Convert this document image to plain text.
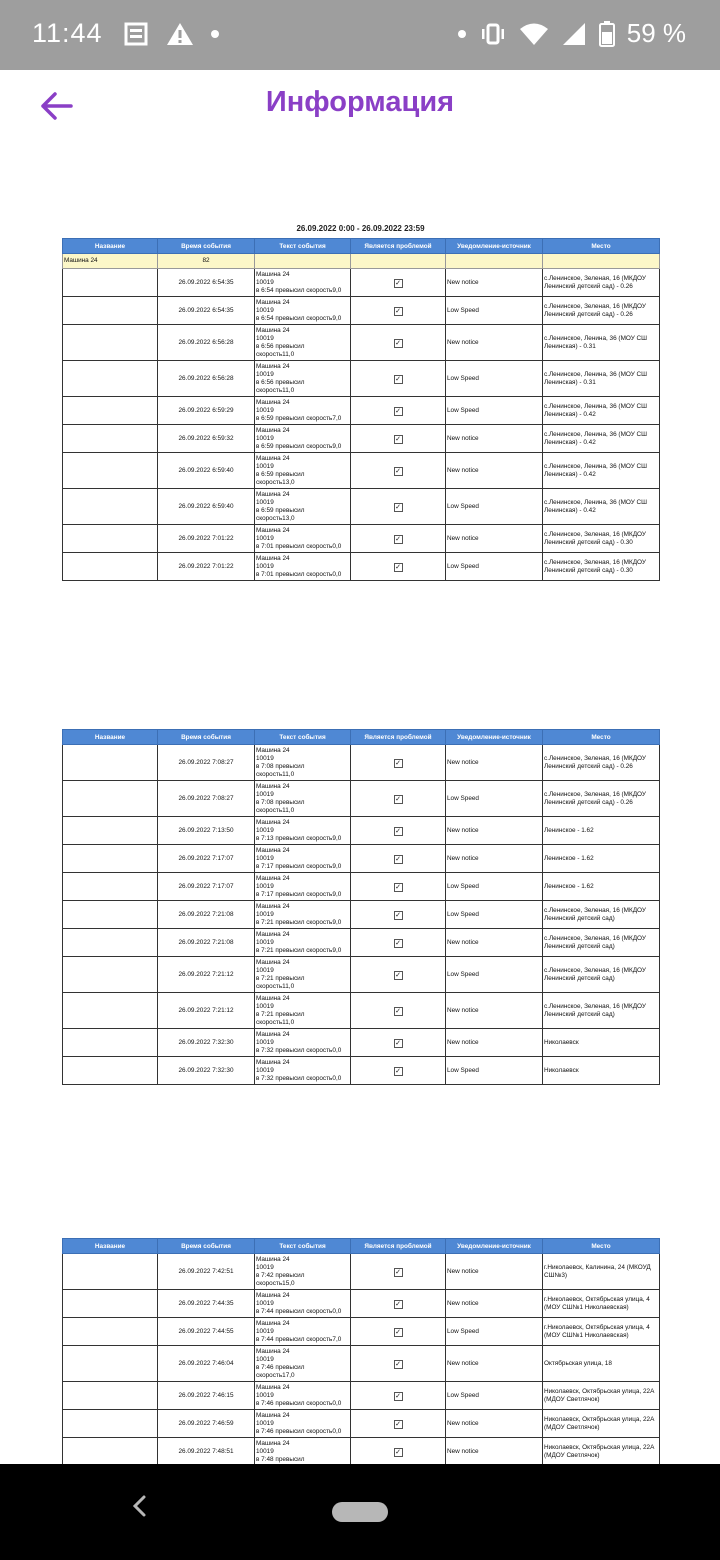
11:44	59 %
Информация
26.09.2022 0:00 - 26.09.2022 23:59
Название	Время события	Текст события	Является проблемой	Уведомление-источник	Место
Машина 24	82				
	26.09.2022 6:54:35	Машина 24
10019
в 6:54 превысил скорость9,0	✓	New notice	с.Ленинское, Зеленая, 16 (МКДОУ Ленинский детский сад) - 0.26
	26.09.2022 6:54:35	Машина 24
10019
в 6:54 превысил скорость9,0	✓	Low Speed	с.Ленинское, Зеленая, 16 (МКДОУ Ленинский детский сад) - 0.26
	26.09.2022 6:56:28	Машина 24
10019
в 6:56 превысил
скорость11,0	✓	New notice	с.Ленинское, Ленина, 36 (МОУ СШ Ленинская) - 0.31
	26.09.2022 6:56:28	Машина 24
10019
в 6:56 превысил
скорость11,0	✓	Low Speed	с.Ленинское, Ленина, 36 (МОУ СШ Ленинская) - 0.31
	26.09.2022 6:59:29	Машина 24
10019
в 6:59 превысил скорость7,0	✓	Low Speed	с.Ленинское, Ленина, 36 (МОУ СШ Ленинская) - 0.42
	26.09.2022 6:59:32	Машина 24
10019
в 6:59 превысил скорость9,0	✓	New notice	с.Ленинское, Ленина, 36 (МОУ СШ Ленинская) - 0.42
	26.09.2022 6:59:40	Машина 24
10019
в 6:59 превысил
скорость13,0	✓	New notice	с.Ленинское, Ленина, 36 (МОУ СШ Ленинская) - 0.42
	26.09.2022 6:59:40	Машина 24
10019
в 6:59 превысил
скорость13,0	✓	Low Speed	с.Ленинское, Ленина, 36 (МОУ СШ Ленинская) - 0.42
	26.09.2022 7:01:22	Машина 24
10019
в 7:01 превысил скорость0,0	✓	New notice	с.Ленинское, Зеленая, 16 (МКДОУ Ленинский детский сад) - 0.30
	26.09.2022 7:01:22	Машина 24
10019
в 7:01 превысил скорость0,0	✓	Low Speed	с.Ленинское, Зеленая, 16 (МКДОУ Ленинский детский сад) - 0.30
Название	Время события	Текст события	Является проблемой	Уведомление-источник	Место
	26.09.2022 7:08:27	Машина 24
10019
в 7:08 превысил
скорость11,0	✓	New notice	с.Ленинское, Зеленая, 16 (МКДОУ Ленинский детский сад) - 0.26
	26.09.2022 7:08:27	Машина 24
10019
в 7:08 превысил
скорость11,0	✓	Low Speed	с.Ленинское, Зеленая, 16 (МКДОУ Ленинский детский сад) - 0.26
	26.09.2022 7:13:50	Машина 24
10019
в 7:13 превысил скорость9,0	✓	New notice	Ленинское - 1.62
	26.09.2022 7:17:07	Машина 24
10019
в 7:17 превысил скорость9,0	✓	New notice	Ленинское - 1.62
	26.09.2022 7:17:07	Машина 24
10019
в 7:17 превысил скорость9,0	✓	Low Speed	Ленинское - 1.62
	26.09.2022 7:21:08	Машина 24
10019
в 7:21 превысил скорость9,0	✓	Low Speed	с.Ленинское, Зеленая, 16 (МКДОУ Ленинский детский сад)
	26.09.2022 7:21:08	Машина 24
10019
в 7:21 превысил скорость9,0	✓	New notice	с.Ленинское, Зеленая, 16 (МКДОУ Ленинский детский сад)
	26.09.2022 7:21:12	Машина 24
10019
в 7:21 превысил
скорость11,0	✓	Low Speed	с.Ленинское, Зеленая, 16 (МКДОУ Ленинский детский сад)
	26.09.2022 7:21:12	Машина 24
10019
в 7:21 превысил
скорость11,0	✓	New notice	с.Ленинское, Зеленая, 16 (МКДОУ Ленинский детский сад)
	26.09.2022 7:32:30	Машина 24
10019
в 7:32 превысил скорость0,0	✓	New notice	Николаевск
	26.09.2022 7:32:30	Машина 24
10019
в 7:32 превысил скорость0,0	✓	Low Speed	Николаевск
Название	Время события	Текст события	Является проблемой	Уведомление-источник	Место
	26.09.2022 7:42:51	Машина 24
10019
в 7:42 превысил
скорость15,0	✓	New notice	г.Николаевск, Калинина, 24 (МКОУД СШ№3)
	26.09.2022 7:44:35	Машина 24
10019
в 7:44 превысил скорость0,0	✓	New notice	г.Николаевск, Октябрьская улица, 4 (МОУ СШ№1 Николаевская)
	26.09.2022 7:44:55	Машина 24
10019
в 7:44 превысил скорость7,0	✓	Low Speed	г.Николаевск, Октябрьская улица, 4 (МОУ СШ№1 Николаевская)
	26.09.2022 7:46:04	Машина 24
10019
в 7:46 превысил
скорость17,0	✓	New notice	Октябрьская улица, 18
	26.09.2022 7:46:15	Машина 24
10019
в 7:46 превысил скорость0,0	✓	Low Speed	Николаевск, Октябрьская улица, 22А (МДОУ Светлячок)
	26.09.2022 7:46:59	Машина 24
10019
в 7:46 превысил скорость0,0	✓	New notice	Николаевск, Октябрьская улица, 22А (МДОУ Светлячок)
	26.09.2022 7:48:51	Машина 24
10019
в 7:48 превысил	✓	New notice	Николаевск, Октябрьская улица, 22А (МДОУ Светлячок)
